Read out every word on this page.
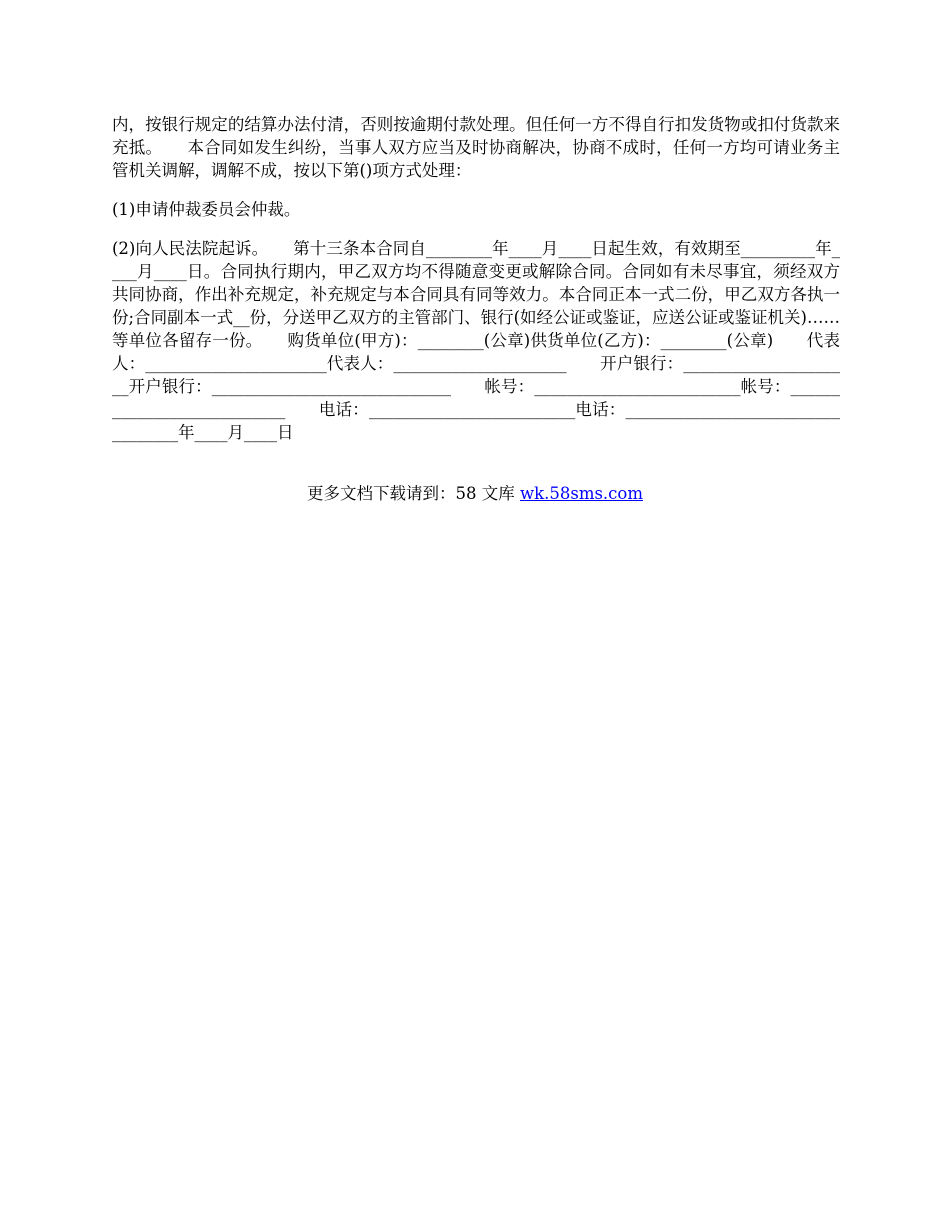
内，按银行规定的结算办法付清，否则按逾期付款处理。但任何一方不得自行扣发货物或扣付货款来充抵。　　本合同如发生纠纷，当事人双方应当及时协商解决，协商不成时，任何一方均可请业务主管机关调解，调解不成，按以下第()项方式处理：

(1)申请仲裁委员会仲裁。

(2)向人民法院起诉。　　第十三条本合同自________年____月____日起生效，有效期至_________年____月____日。合同执行期内，甲乙双方均不得随意变更或解除合同。合同如有未尽事宜，须经双方共同协商，作出补充规定，补充规定与本合同具有同等效力。本合同正本一式二份，甲乙双方各执一份;合同副本一式__份，分送甲乙双方的主管部门、银行(如经公证或鉴证，应送公证或鉴证机关)……等单位各留存一份。　　购货单位(甲方)：________(公章)供货单位(乙方)：________(公章)　　代表人：______________________代表人：_____________________　　开户银行：_____________________开户银行：_____________________________　　帐号：_________________________帐号：___________________________　　电话：_________________________电话：__________________________________年____月____日

更多文档下载请到：58 文库 wk.58sms.com
